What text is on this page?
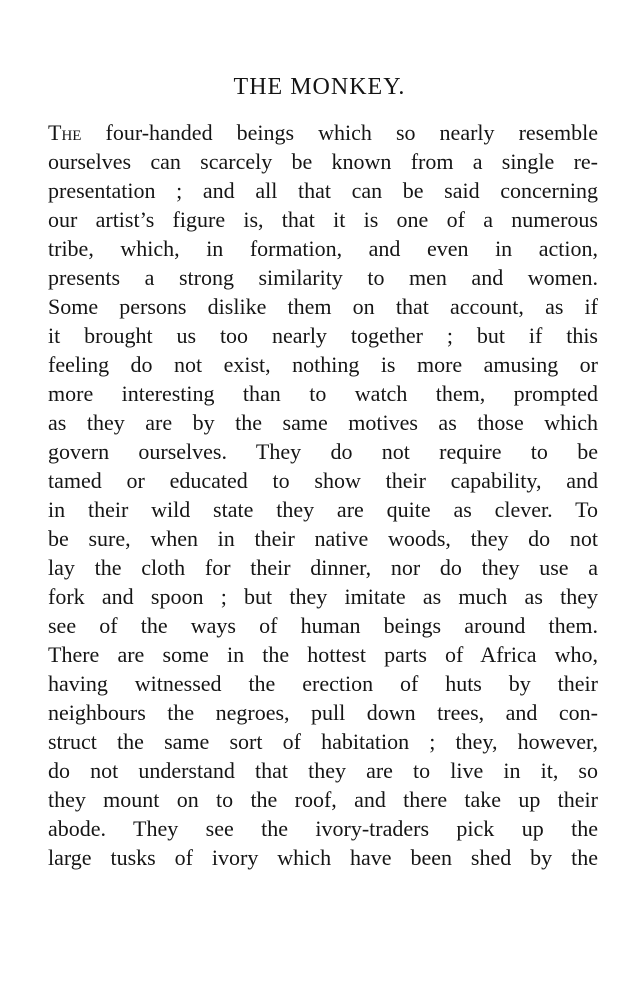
THE MONKEY.
The four-handed beings which so nearly resemble
ourselves can scarcely be known from a single re-
presentation ; and all that can be said concerning
our artist’s figure is, that it is one of a numerous
tribe, which, in formation, and even in action,
presents a strong similarity to men and women.
Some persons dislike them on that account, as if
it brought us too nearly together ; but if this
feeling do not exist, nothing is more amusing or
more interesting than to watch them, prompted
as they are by the same motives as those which
govern ourselves. They do not require to be
tamed or educated to show their capability, and
in their wild state they are quite as clever. To
be sure, when in their native woods, they do not
lay the cloth for their dinner, nor do they use a
fork and spoon ; but they imitate as much as they
see of the ways of human beings around them.
There are some in the hottest parts of Africa who,
having witnessed the erection of huts by their
neighbours the negroes, pull down trees, and con-
struct the same sort of habitation ; they, however,
do not understand that they are to live in it, so
they mount on to the roof, and there take up their
abode. They see the ivory-traders pick up the
large tusks of ivory which have been shed by the
